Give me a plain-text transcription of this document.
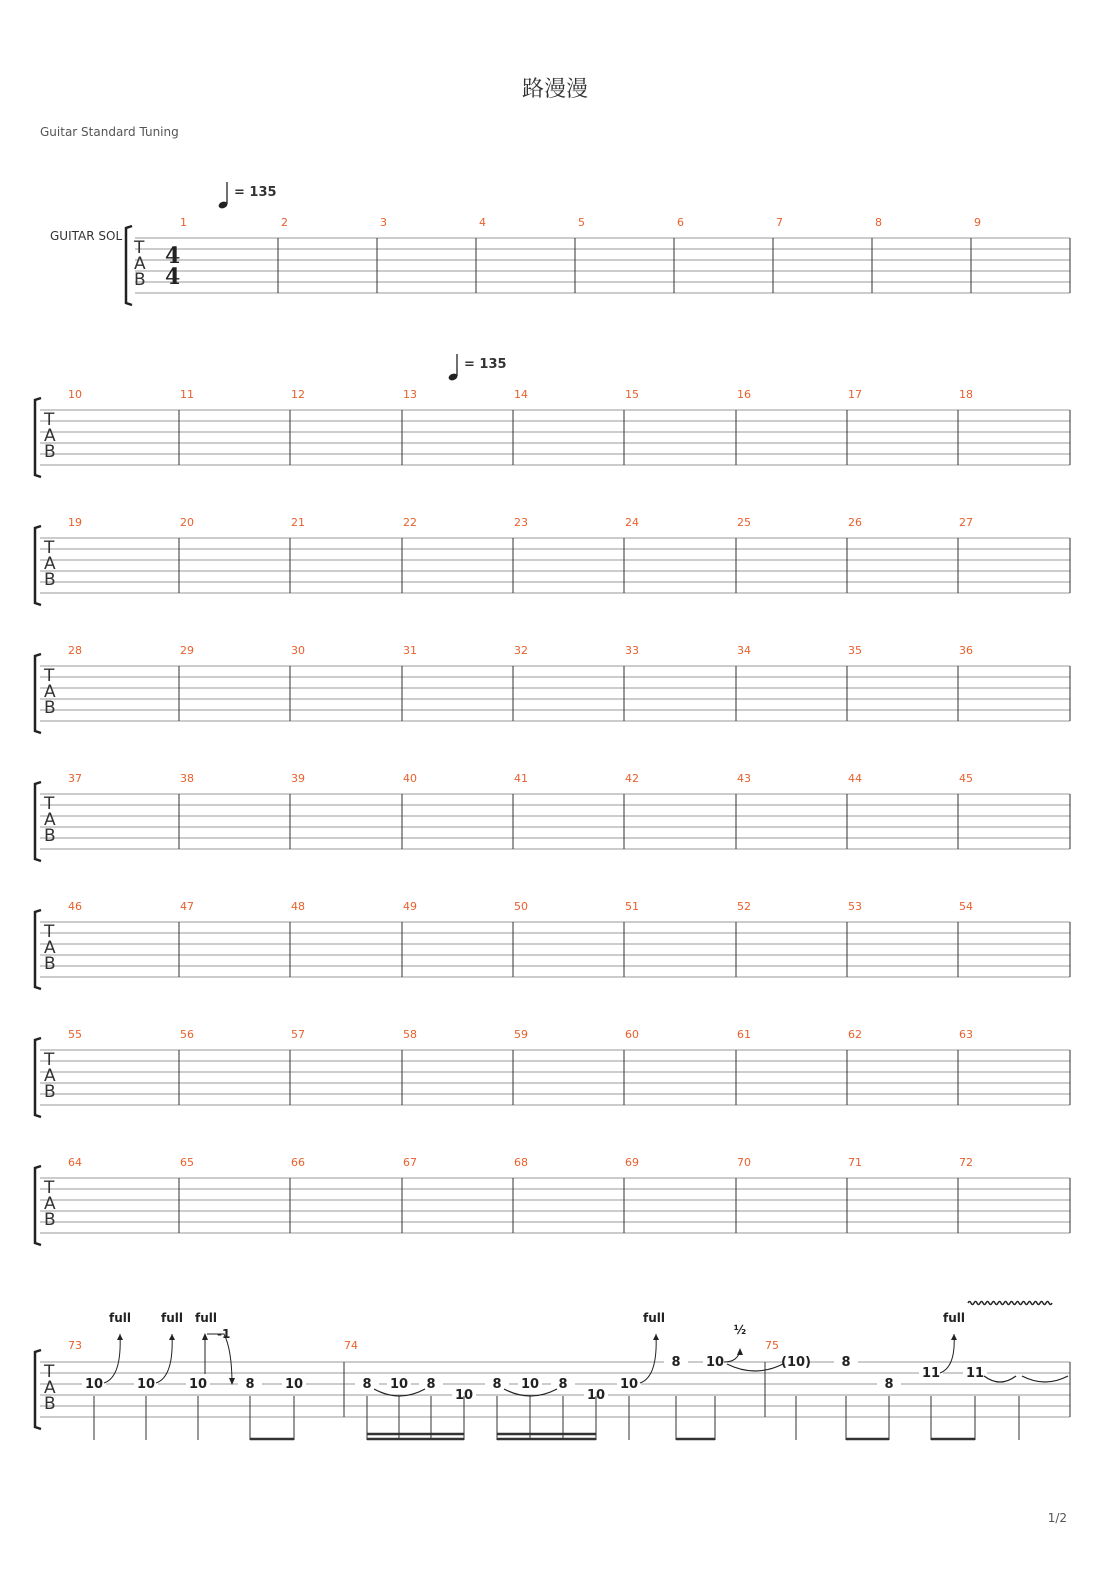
路漫漫
Guitar Standard Tuning
GUITAR SOL
1/2
T
A
B
4
4
1	2	3	4	5	6	7	8	9
= 135
T
A
B
10	11	12	13	14	15	16	17	18
= 135
T
A
B
19	20	21	22	23	24	25	26	27
T
A
B
28	29	30	31	32	33	34	35	36
T
A
B
37	38	39	40	41	42	43	44	45
T
A
B
46	47	48	49	50	51	52	53	54
T
A
B
55	56	57	58	59	60	61	62	63
T
A
B
64	65	66	67	68	69	70	71	72
T
A
B
73	74	75
10	10	10	8 10	8 10 8
10
8 10 8
10
10
8 10	(10) 8
8
11 11
full	full full	full	full
-1	½
